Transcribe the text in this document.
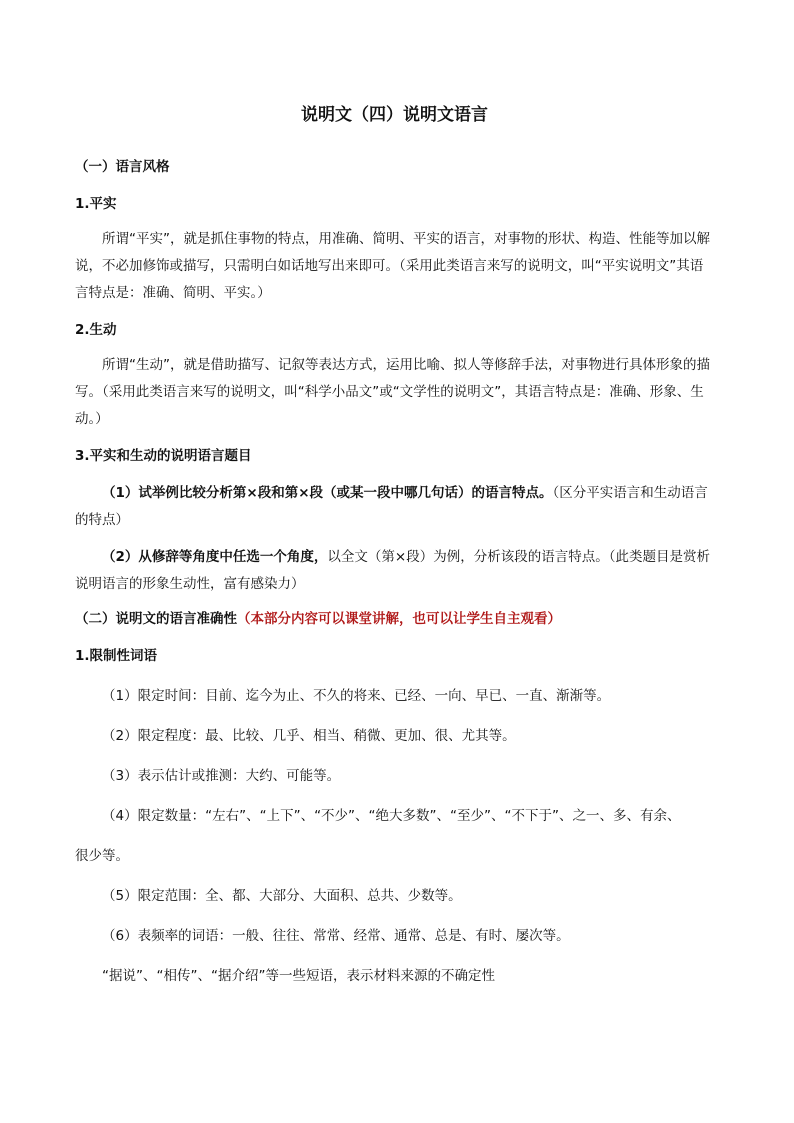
说明文（四）说明文语言

（一）语言风格

1.平实

所谓“平实”，就是抓住事物的特点，用准确、简明、平实的语言，对事物的形状、构造、性能等加以解说，不必加修饰或描写，只需明白如话地写出来即可。（采用此类语言来写的说明文，叫“平实说明文”其语言特点是：准确、简明、平实。）

2.生动

所谓“生动”，就是借助描写、记叙等表达方式，运用比喻、拟人等修辞手法，对事物进行具体形象的描写。（采用此类语言来写的说明文，叫“科学小品文”或“文学性的说明文”，其语言特点是：准确、形象、生动。）

3.平实和生动的说明语言题目

（1）试举例比较分析第×段和第×段（或某一段中哪几句话）的语言特点。（区分平实语言和生动语言的特点）

（2）从修辞等角度中任选一个角度，以全文（第×段）为例，分析该段的语言特点。（此类题目是赏析说明语言的形象生动性，富有感染力）

（二）说明文的语言准确性（本部分内容可以课堂讲解，也可以让学生自主观看）

1.限制性词语

（1）限定时间：目前、迄今为止、不久的将来、已经、一向、早已、一直、渐渐等。

（2）限定程度：最、比较、几乎、相当、稍微、更加、很、尤其等。

（3）表示估计或推测：大约、可能等。

（4）限定数量：“左右”、“上下”、“不少”、“绝大多数”、“至少”、“不下于”、之一、多、有余、

很少等。

（5）限定范围：全、都、大部分、大面积、总共、少数等。

（6）表频率的词语：一般、往往、常常、经常、通常、总是、有时、屡次等。

“据说”、“相传”、“据介绍”等一些短语，表示材料来源的不确定性
